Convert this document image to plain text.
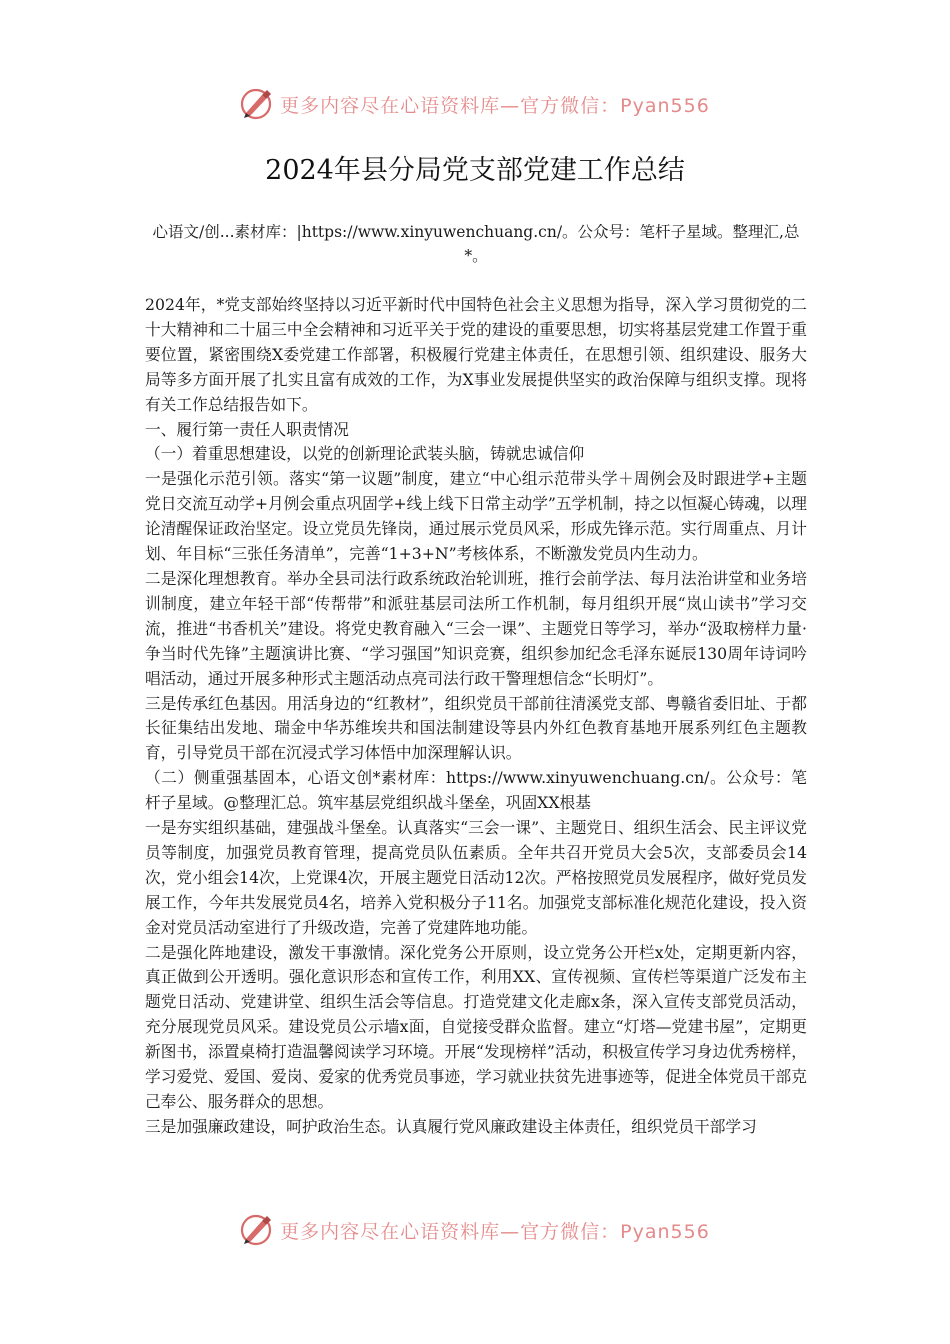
更多内容尽在心语资料库—官方微信：Pyan556
2024年县分局党支部党建工作总结
心语文/创...素材库：|https://www.xinyuwenchuang.cn/。公众号：笔杆子星域。整理汇,总*。

2024年，*党支部始终坚持以习近平新时代中国特色社会主义思想为指导，深入学习贯彻党的二十大精神和二十届三中全会精神和习近平关于党的建设的重要思想，切实将基层党建工作置于重要位置，紧密围绕X委党建工作部署，积极履行党建主体责任，在思想引领、组织建设、服务大局等多方面开展了扎实且富有成效的工作，为X事业发展提供坚实的政治保障与组织支撑。现将有关工作总结报告如下。

一、履行第一责任人职责情况

（一）着重思想建设，以党的创新理论武装头脑，铸就忠诚信仰

一是强化示范引领。落实“第一议题”制度，建立“中心组示范带头学＋周例会及时跟进学+主题党日交流互动学+月例会重点巩固学+线上线下日常主动学”五学机制，持之以恒凝心铸魂，以理论清醒保证政治坚定。设立党员先锋岗，通过展示党员风采，形成先锋示范。实行周重点、月计划、年目标“三张任务清单”，完善“1+3+N”考核体系，不断激发党员内生动力。

二是深化理想教育。举办全县司法行政系统政治轮训班，推行会前学法、每月法治讲堂和业务培训制度，建立年轻干部“传帮带”和派驻基层司法所工作机制，每月组织开展“岚山读书”学习交流，推进“书香机关”建设。将党史教育融入“三会一课”、主题党日等学习，举办“汲取榜样力量·争当时代先锋”主题演讲比赛、“学习强国”知识竞赛，组织参加纪念毛泽东诞辰130周年诗词吟唱活动，通过开展多种形式主题活动点亮司法行政干警理想信念“长明灯”。

三是传承红色基因。用活身边的“红教材”，组织党员干部前往清溪党支部、粤赣省委旧址、于都长征集结出发地、瑞金中华苏维埃共和国法制建设等县内外红色教育基地开展系列红色主题教育，引导党员干部在沉浸式学习体悟中加深理解认识。

（二）侧重强基固本，心语文创*素材库：https://www.xinyuwenchuang.cn/。公众号：笔杆子星域。@整理汇总。筑牢基层党组织战斗堡垒，巩固XX根基

一是夯实组织基础，建强战斗堡垒。认真落实“三会一课”、主题党日、组织生活会、民主评议党员等制度，加强党员教育管理，提高党员队伍素质。全年共召开党员大会5次，支部委员会14次，党小组会14次，上党课4次，开展主题党日活动12次。严格按照党员发展程序，做好党员发展工作，今年共发展党员4名，培养入党积极分子11名。加强党支部标准化规范化建设，投入资金对党员活动室进行了升级改造，完善了党建阵地功能。

二是强化阵地建设，激发干事激情。深化党务公开原则，设立党务公开栏x处，定期更新内容，真正做到公开透明。强化意识形态和宣传工作，利用XX、宣传视频、宣传栏等渠道广泛发布主题党日活动、党建讲堂、组织生活会等信息。打造党建文化走廊x条，深入宣传支部党员活动，充分展现党员风采。建设党员公示墙x面，自觉接受群众监督。建立“灯塔—党建书屋”，定期更新图书，添置桌椅打造温馨阅读学习环境。开展“发现榜样”活动，积极宣传学习身边优秀榜样，学习爱党、爱国、爱岗、爱家的优秀党员事迹，学习就业扶贫先进事迹等，促进全体党员干部克己奉公、服务群众的思想。

三是加强廉政建设，呵护政治生态。认真履行党风廉政建设主体责任，组织党员干部学习

更多内容尽在心语资料库—官方微信：Pyan556
